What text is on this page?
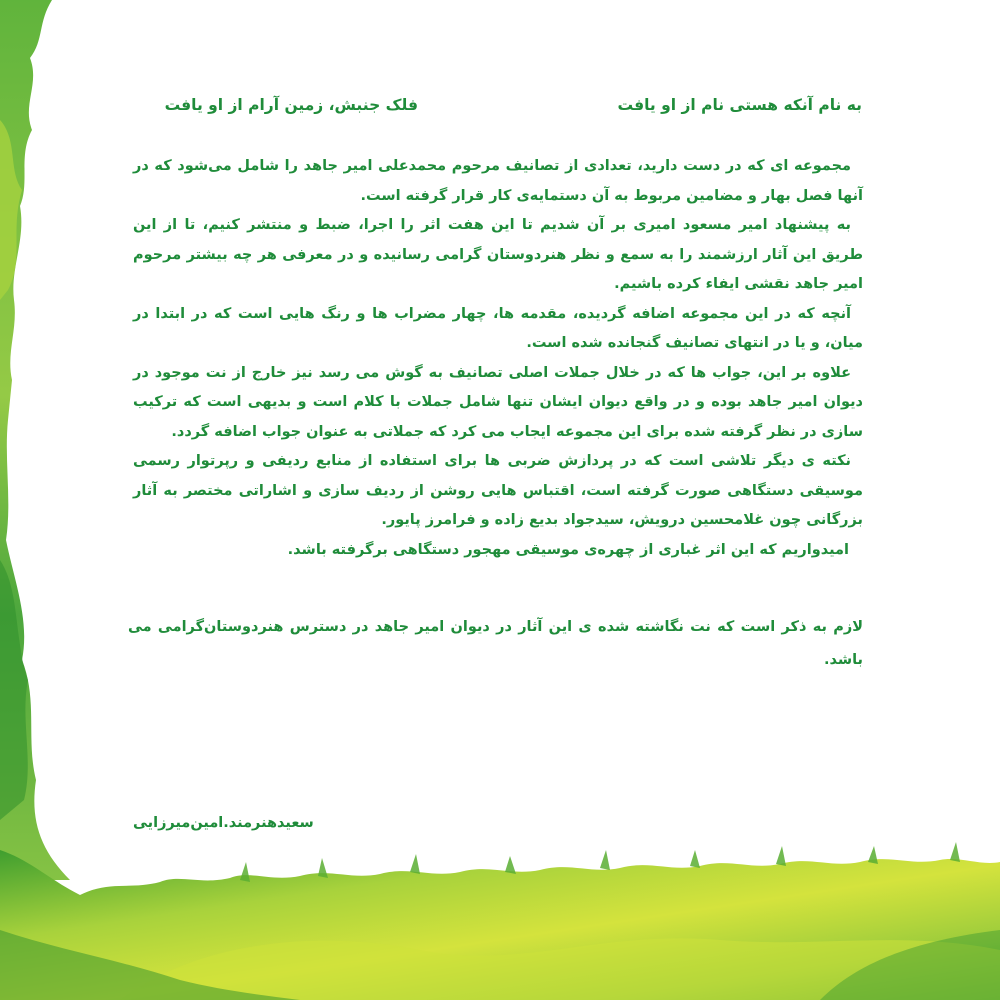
به نام آنکه هستی نام از او یافت

فلک جنبش، زمین آرام از او یافت

مجموعه ای که در دست دارید، تعدادی از تصانیف مرحوم محمدعلی امیر جاهد را شامل می‌شود که در آنها فصل بهار و مضامین مربوط به آن دستمایه‌ی کار قرار گرفته است.

به پیشنهاد امیر مسعود امیری بر آن شدیم تا این هفت اثر را اجرا، ضبط و منتشر کنیم، تا از این طریق این آثار ارزشمند را به سمع و نظر هنردوستان گرامی رسانیده و در معرفی هر چه بیشتر مرحوم امیر جاهد نقشی ایفاء کرده باشیم.

آنچه که در این مجموعه اضافه گردیده، مقدمه ها، چهار مضراب ها و رنگ هایی است که در ابتدا در میان، و یا در انتهای تصانیف گنجانده شده است.

علاوه بر این، جواب ها که در خلال جملات اصلی تصانیف به گوش می رسد نیز خارج از نت موجود در دیوان امیر جاهد بوده و در واقع دیوان ایشان تنها شامل جملات با کلام است و بدیهی است که ترکیب سازی در نظر گرفته شده برای این مجموعه ایجاب می کرد که جملاتی به عنوان جواب اضافه گردد.

نکته ی دیگر تلاشی است که در پردازش ضربی ها برای استفاده از منابع ردیفی و رپرتوار رسمی موسیقی دستگاهی صورت گرفته است، اقتباس هایی روشن از ردیف سازی و اشاراتی مختصر به آثار بزرگانی چون غلامحسین درویش، سیدجواد بدیع زاده و فرامرز پایور.

امیدواریم که این اثر غباری از چهره‌ی موسیقی مهجور دستگاهی برگرفته باشد.

لازم به ذکر است که نت نگاشته شده ی این آثار در دیوان امیر جاهد در دسترس هنردوستان‌گرامی می باشد.

سعیدهنرمند.امین‌میرزایی
